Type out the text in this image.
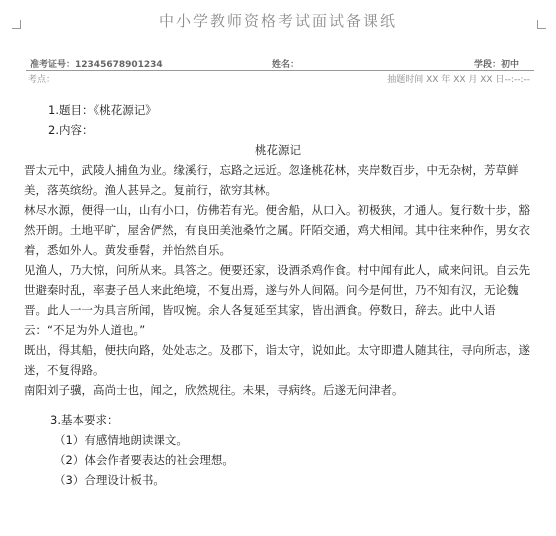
中小学教师资格考试面试备课纸
准考证号：12345678901234	姓名：	学段：初中
考点：	抽题时间 XX 年 XX 月 XX 日--:--:--
1.题目：《桃花源记》
2.内容：
桃花源记
晋太元中，武陵人捕鱼为业。缘溪行，忘路之远近。忽逢桃花林，夹岸数百步，中无杂树，芳草鲜美，落英缤纷。渔人甚异之。复前行，欲穷其林。
林尽水源，便得一山，山有小口，仿佛若有光。便舍船，从口入。初极狭，才通人。复行数十步，豁然开朗。土地平旷，屋舍俨然，有良田美池桑竹之属。阡陌交通，鸡犬相闻。其中往来种作，男女衣着，悉如外人。黄发垂髫，并怡然自乐。
见渔人，乃大惊，问所从来。具答之。便要还家，设酒杀鸡作食。村中闻有此人，咸来问讯。自云先世避秦时乱，率妻子邑人来此绝境，不复出焉，遂与外人间隔。问今是何世，乃不知有汉，无论魏晋。此人一一为具言所闻，皆叹惋。余人各复延至其家，皆出酒食。停数日，辞去。此中人语云：“不足为外人道也。”
既出，得其船，便扶向路，处处志之。及郡下，诣太守，说如此。太守即遣人随其往，寻向所志，遂迷，不复得路。
南阳刘子骥，高尚士也，闻之，欣然规往。未果，寻病终。后遂无问津者。
3.基本要求：
（1）有感情地朗读课文。
（2）体会作者要表达的社会理想。
（3）合理设计板书。
